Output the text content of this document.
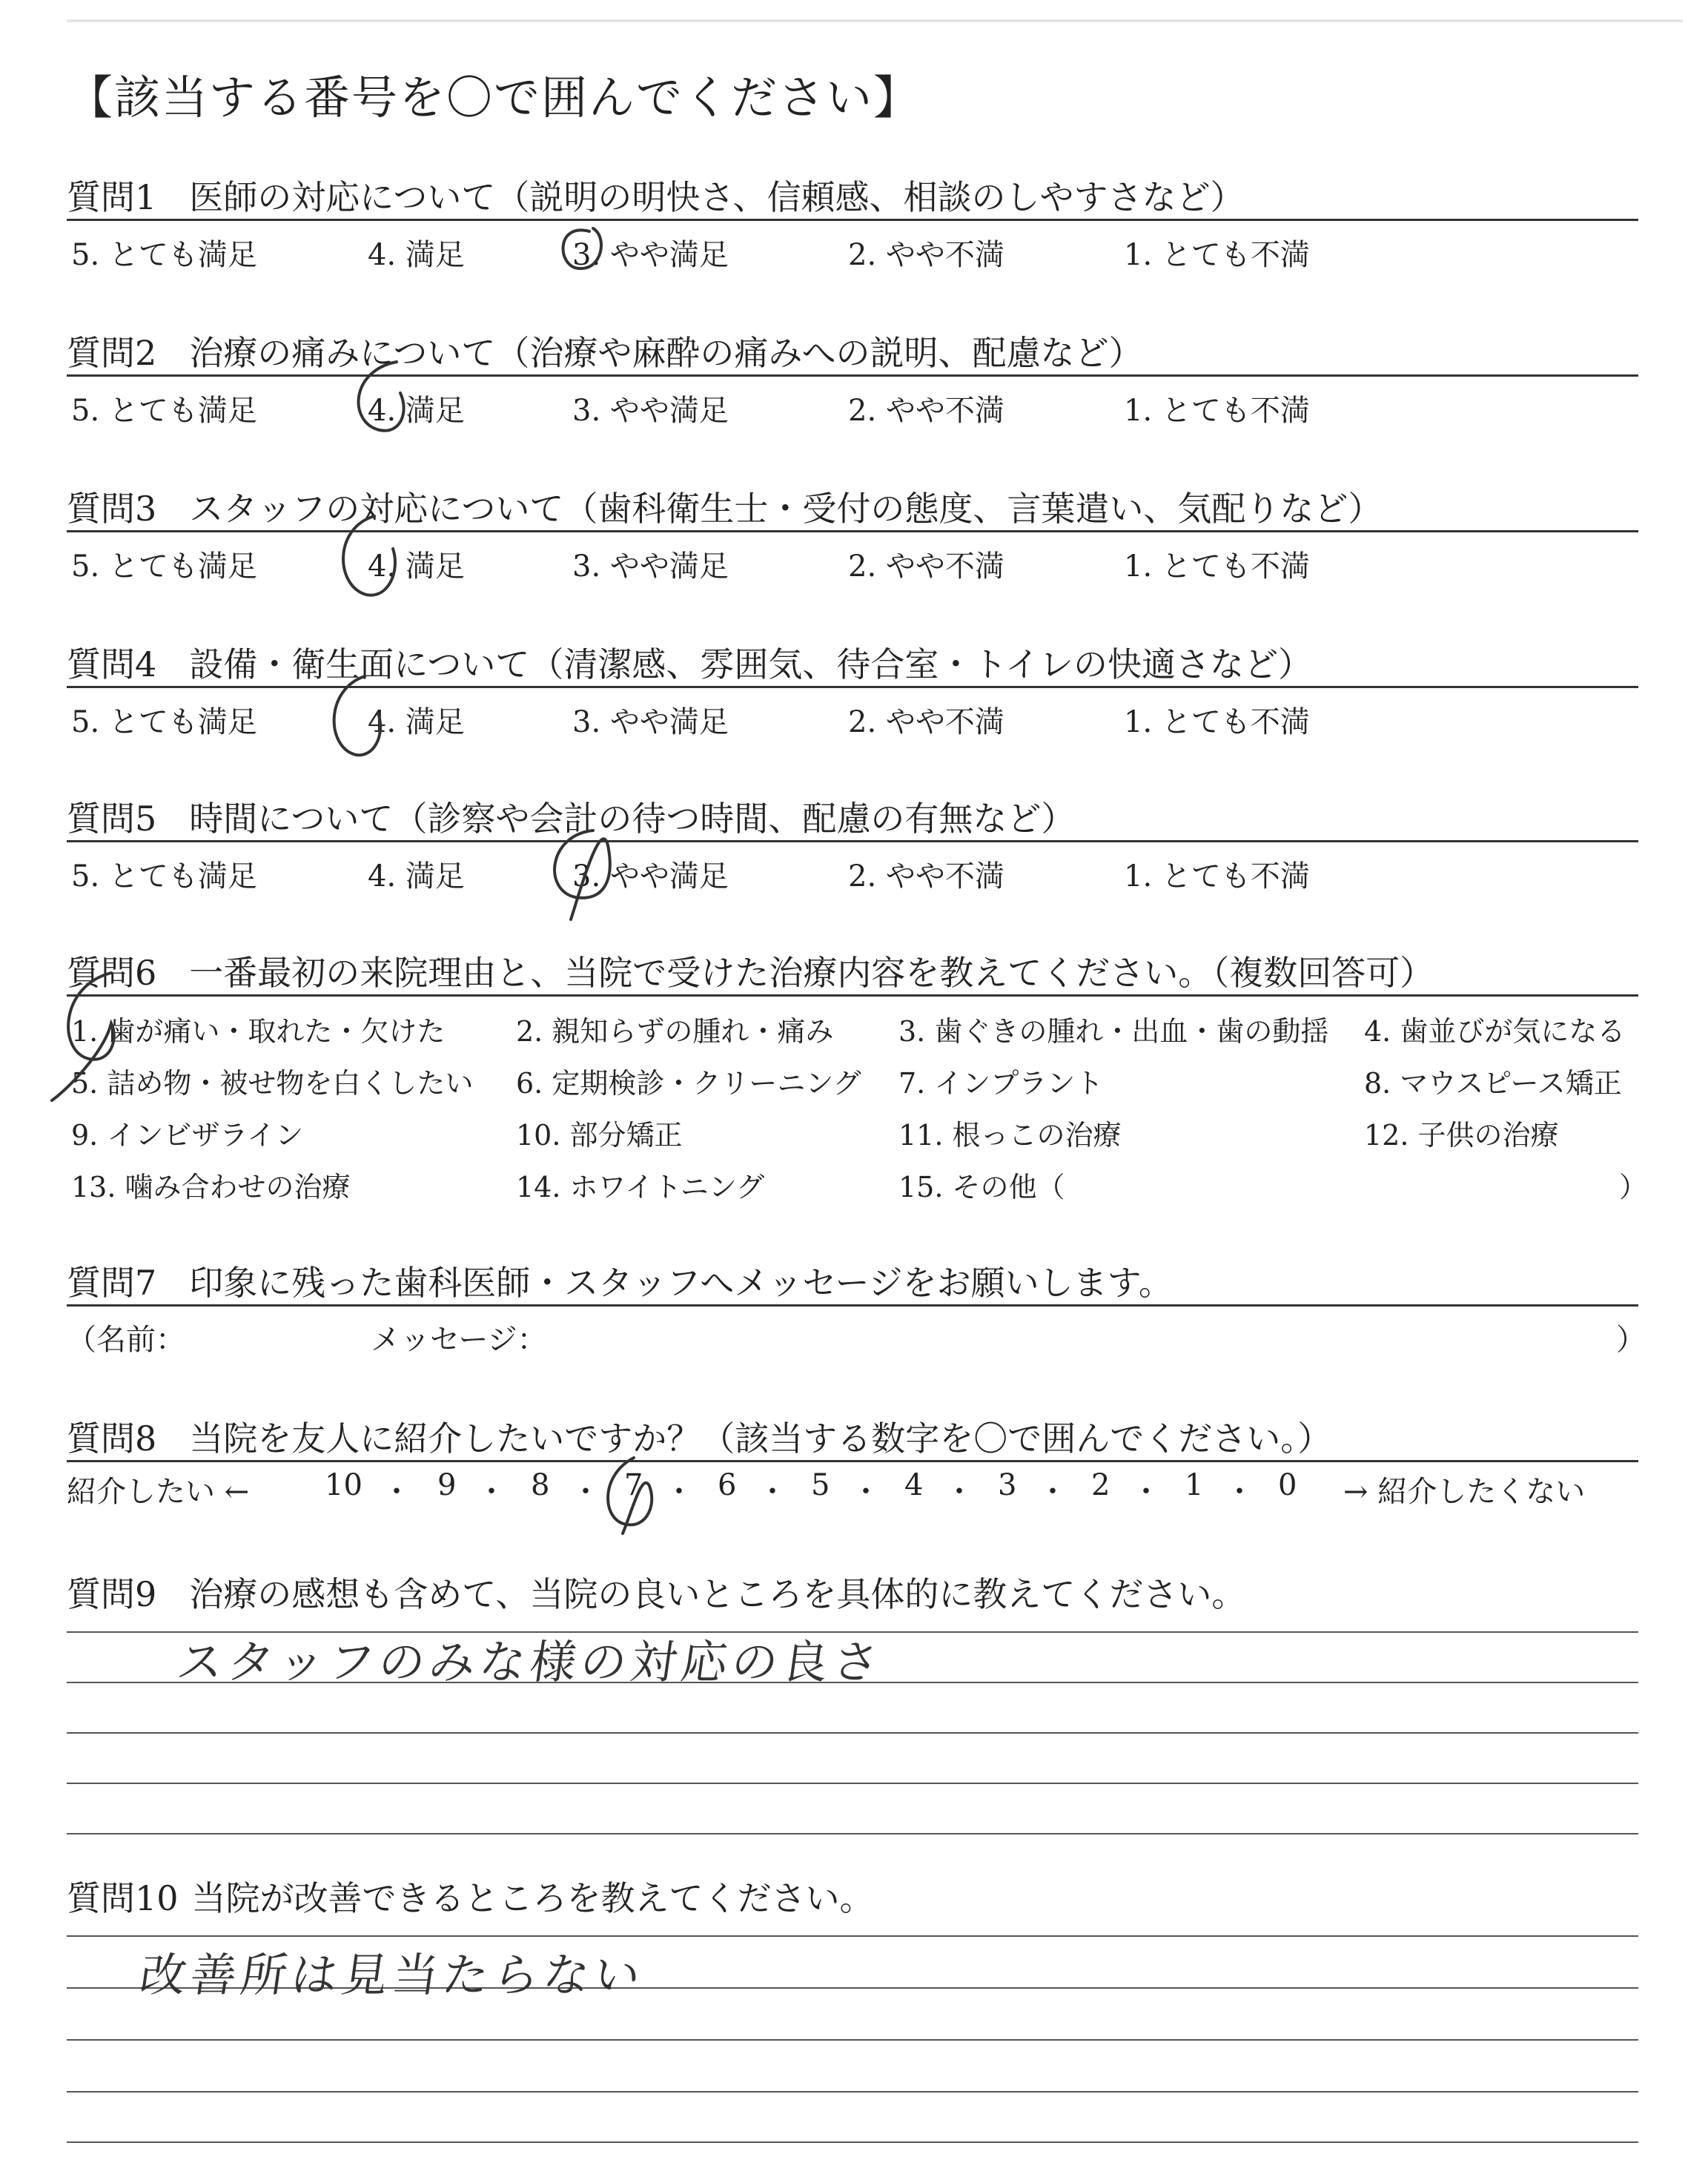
【該当する番号を〇で囲んでください】
質問1 医師の対応について（説明の明快さ、信頼感、相談のしやすさなど）
5. とても満足	4. 満足	3. やや満足	2. やや不満	1. とても不満
質問2 治療の痛みについて（治療や麻酔の痛みへの説明、配慮など）
5. とても満足	4. 満足	3. やや満足	2. やや不満	1. とても不満
質問3 スタッフの対応について（歯科衛生士・受付の態度、言葉遣い、気配りなど）
5. とても満足	4. 満足	3. やや満足	2. やや不満	1. とても不満
質問4 設備・衛生面について（清潔感、雰囲気、待合室・トイレの快適さなど）
5. とても満足	4. 満足	3. やや満足	2. やや不満	1. とても不満
質問5 時間について（診察や会計の待つ時間、配慮の有無など）
5. とても満足	4. 満足	3. やや満足	2. やや不満	1. とても不満
質問6 一番最初の来院理由と、当院で受けた治療内容を教えてください。（複数回答可）
1. 歯が痛い・取れた・欠けた	2. 親知らずの腫れ・痛み 3. 歯ぐきの腫れ・出血・歯の動揺 4. 歯並びが気になる
5. 詰め物・被せ物を白くしたい 6. 定期検診・クリーニング 7. インプラント	8. マウスピース矯正
9. インビザライン	10. 部分矯正	11. 根っこの治療	12. 子供の治療
13. 噛み合わせの治療	14. ホワイトニング	15. その他（	）
質問7 印象に残った歯科医師・スタッフへメッセージをお願いします。
（名前：	メッセージ：	）
質問8 当院を友人に紹介したいですか？（該当する数字を〇で囲んでください。）
紹介したい ←	10 ・ 9 ・ 8 ・ 7 ・ 6 ・ 5 ・ 4 ・ 3 ・ 2 ・ 1 ・ 0 → 紹介したくない
質問9 治療の感想も含めて、当院の良いところを具体的に教えてください。
スタッフのみな様の対応の良さ
質問10 当院が改善できるところを教えてください。
改善所は見当たらない
